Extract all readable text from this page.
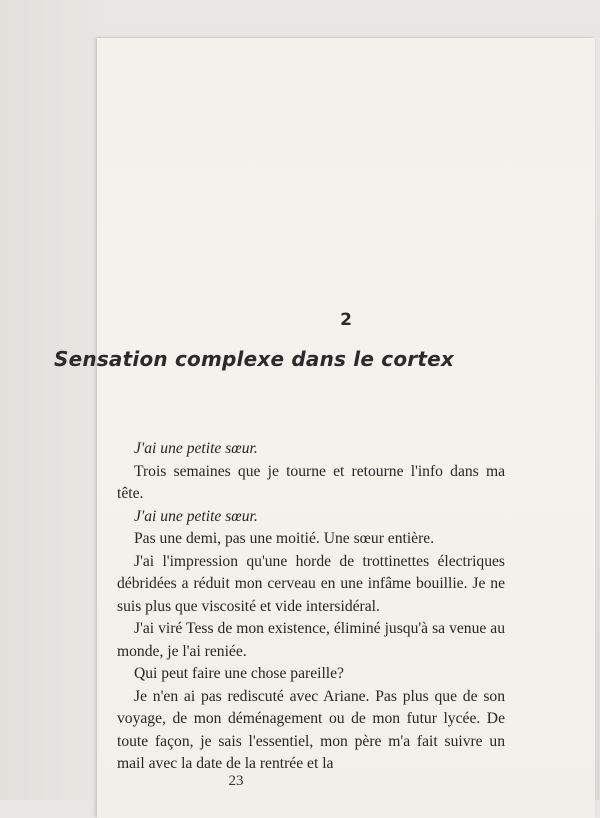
2
Sensation complexe dans le cortex

J'ai une petite sœur.

Trois semaines que je tourne et retourne l'info dans ma tête.

J'ai une petite sœur.

Pas une demi, pas une moitié. Une sœur entière.

J'ai l'impression qu'une horde de trottinettes électriques débridées a réduit mon cerveau en une infâme bouillie. Je ne suis plus que viscosité et vide intersidéral.

J'ai viré Tess de mon existence, éliminé jusqu'à sa venue au monde, je l'ai reniée.

Qui peut faire une chose pareille?

Je n'en ai pas rediscuté avec Ariane. Pas plus que de son voyage, de mon déménagement ou de mon futur lycée. De toute façon, je sais l'essentiel, mon père m'a fait suivre un mail avec la date de la rentrée et la

23
